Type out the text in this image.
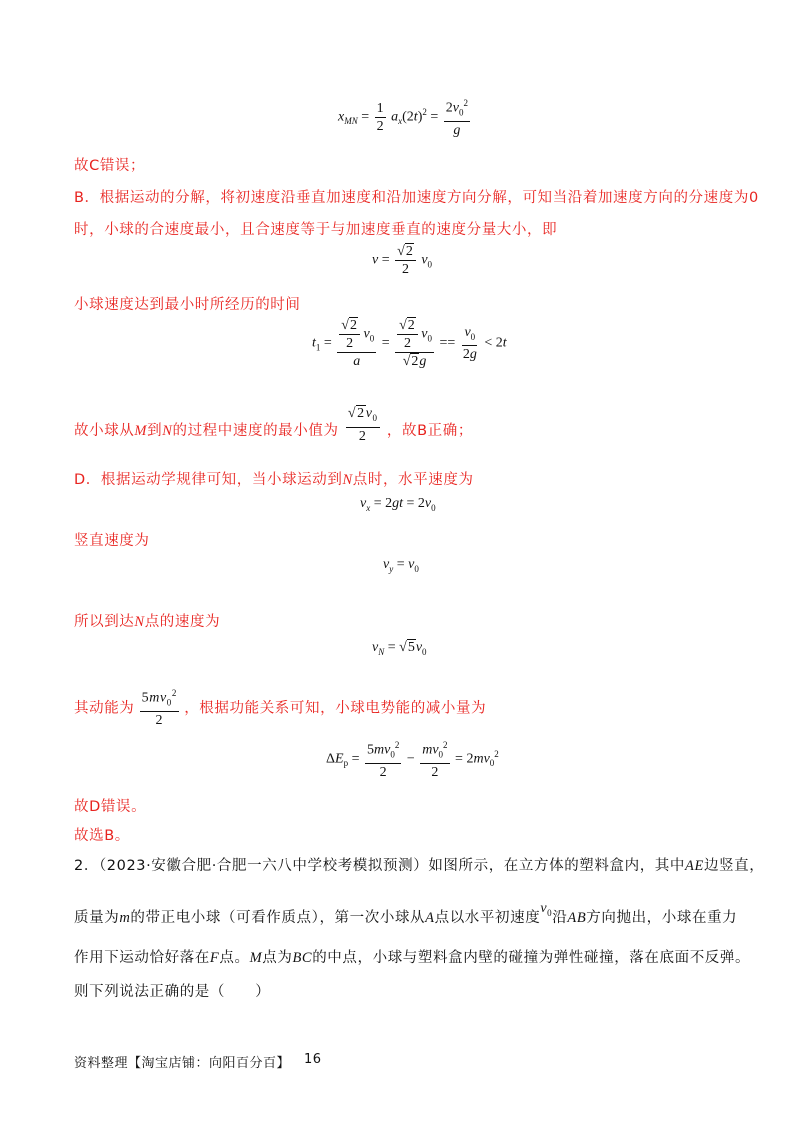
$x_{MN} = \frac{1}{2} a_x(2t)^2 = \frac{2v_0^2}{g}$
故C错误；
B．根据运动的分解，将初速度沿垂直加速度和沿加速度方向分解，可知当沿着加速度方向的分速度为0
时，小球的合速度最小，且合速度等于与加速度垂直的速度分量大小，即
$v = \frac{√2}{2} v_0$
小球速度达到最小时所经历的时间
$t_1 = \frac{\frac{√2}{2} v_0}{a} = \frac{\frac{√2}{2} v_0}{√2g} == \frac{v_0}{2g} < 2t$
故小球从M到N的过程中速度的最小值为 $\frac{√2v_0}{2}$ ，故B正确；
D．根据运动学规律可知，当小球运动到N点时，水平速度为
$v_x = 2gt = 2v_0$
竖直速度为
$v_y = v_0$
所以到达N点的速度为
$v_N = √5v_0$
其动能为 $\frac{5mv_0^2}{2}$ ，根据功能关系可知，小球电势能的减小量为
$\Delta E_p = \frac{5mv_0^2}{2} - \frac{mv_0^2}{2} = 2mv_0^2$
故D错误。
故选B。
2．（2023·安徽合肥·合肥一六八中学校考模拟预测）如图所示，在立方体的塑料盒内，其中AE边竖直，
质量为m的带正电小球（可看作质点），第一次小球从A点以水平初速度$v_0$沿AB方向抛出，小球在重力
作用下运动恰好落在F点。M点为BC的中点，小球与塑料盒内壁的碰撞为弹性碰撞，落在底面不反弹。
则下列说法正确的是（　　）
资料整理【淘宝店铺：向阳百分百】 16
